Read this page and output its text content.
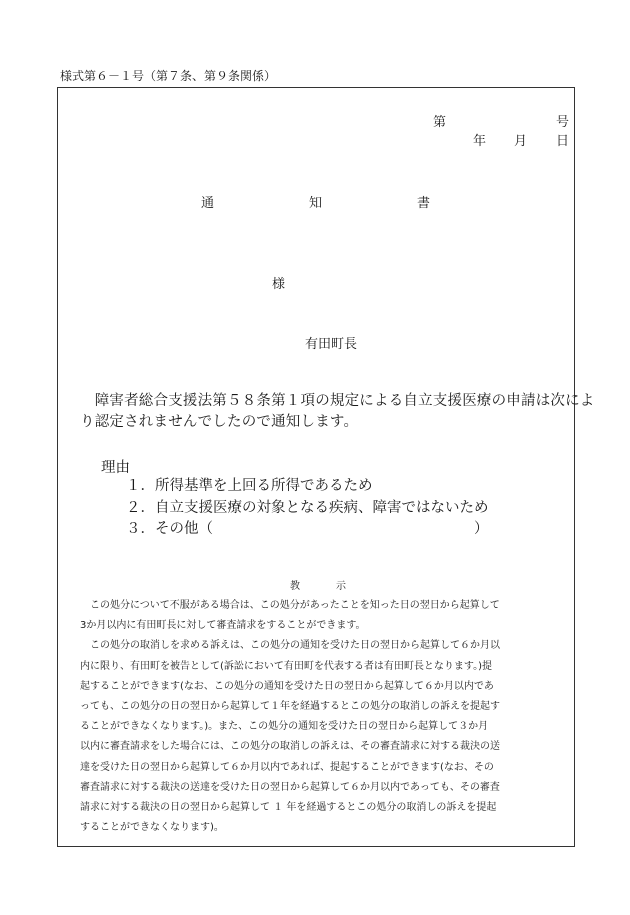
様式第６－１号（第７条、第９条関係）
第	号
年 月 日
通	知	書
様
有田町長
　障害者総合支援法第５８条第１項の規定による自立支援医療の申請は次によ
り認定されませんでしたので通知します。
理由
１．所得基準を上回る所得であるため
２．自立支援医療の対象となる疾病、障害ではないため
３．その他（	）
教	示
　この処分について不服がある場合は、この処分があったことを知った日の翌日から起算して
3か月以内に有田町長に対して審査請求をすることができます。
　この処分の取消しを求める訴えは、この処分の通知を受けた日の翌日から起算して６か月以
内に限り、有田町を被告として(訴訟において有田町を代表する者は有田町長となります。)提
起することができます(なお、この処分の通知を受けた日の翌日から起算して６か月以内であ
っても、この処分の日の翌日から起算して１年を経過するとこの処分の取消しの訴えを提起す
ることができなくなります。)。また、この処分の通知を受けた日の翌日から起算して３か月
以内に審査請求をした場合には、この処分の取消しの訴えは、その審査請求に対する裁決の送
達を受けた日の翌日から起算して６か月以内であれば、提起することができます(なお、その
審査請求に対する裁決の送達を受けた日の翌日から起算して６か月以内であっても、その審査
請求に対する裁決の日の翌日から起算して １ 年を経過するとこの処分の取消しの訴えを提起
することができなくなります)。
